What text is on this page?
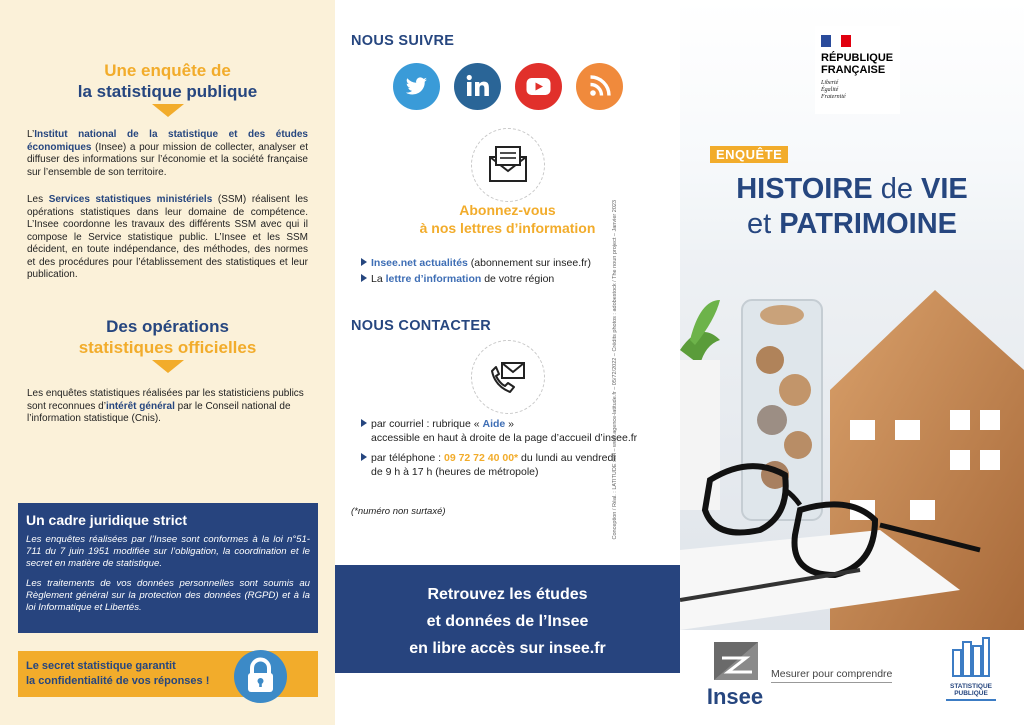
Une enquête de
la statistique publique

L’Institut national de la statistique et des études économiques (Insee) a pour mission de collecter, analyser et diffuser des informations sur l’économie et la société française sur l’ensemble de son territoire.

Les Services statistiques ministériels (SSM) réalisent les opérations statistiques dans leur domaine de compétence. L’Insee coordonne les travaux des différents SSM avec qui il compose le Service statistique public. L’Insee et les SSM décident, en toute indépendance, des méthodes, des normes et des procédures pour l’établissement des statistiques et leur publication.

Des opérations
statistiques officielles

Les enquêtes statistiques réalisées par les statisticiens publics sont reconnues d’intérêt général par le Conseil national de l’information statistique (Cnis).

Un cadre juridique strict

Les enquêtes réalisées par l’Insee sont conformes à la loi n°51-711 du 7 juin 1951 modifiée sur l’obligation, la coordination et le secret en matière de statistique.

Les traitements de vos données personnelles sont soumis au Règlement général sur la protection des données (RGPD) et à la loi Informatique et Libertés.

Le secret statistique garantit
la confidentialité de vos réponses !
NOUS SUIVRE
Abonnez-vous
à nos lettres d’information
Insee.net actualités (abonnement sur insee.fr)
La lettre d’information de votre région
NOUS CONTACTER
par courriel : rubrique « Aide »
accessible en haut à droite de la page d’accueil d’insee.fr
par téléphone : 09 72 72 40 00* du lundi au vendredi
de 9 h à 17 h (heures de métropole)
(*numéro non surtaxé)	Conception / Réal. : LATITUDE sàrl – www.agence-latitude.fr – 05/72/2022 – Crédits photos : adobestock / The noun project – Janvier 2023
Retrouvez les études
et données de l’Insee
en libre accès sur insee.fr
RÉPUBLIQUE
FRANÇAISE
Liberté
Égalité
Fraternité
ENQUÊTE
HISTOIRE de VIE
et PATRIMOINE
Insee
Mesurer pour comprendre
STATISTIQUE
PUBLIQUE
